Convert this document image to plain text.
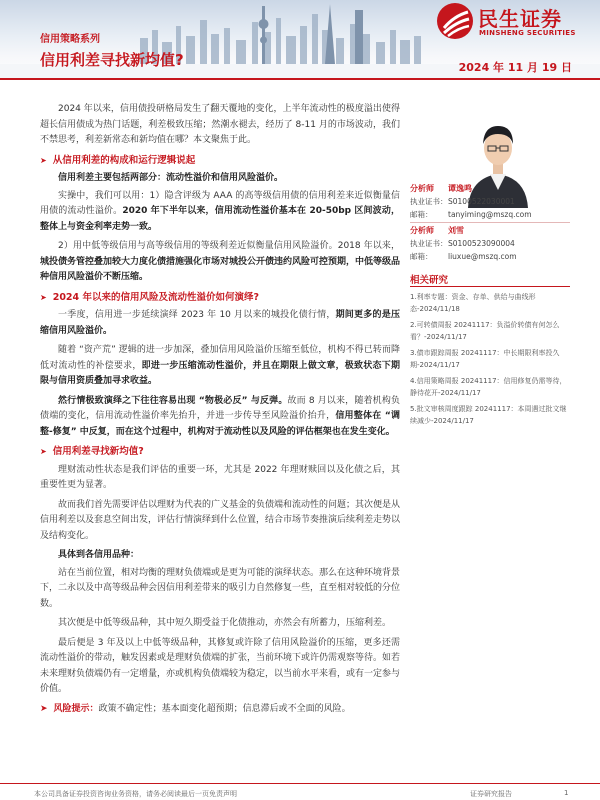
信用策略系列
信用利差寻找新均值?	2024 年 11 月 19 日
民生证券
MINSHENG SECURITIES

2024 年以来，信用债投研格局发生了翻天覆地的变化，上半年流动性的极度溢出使得超长信用债成为热门话题，利差极致压缩；然潮水褪去，经历了 8-11 月的市场波动，我们不禁思考，利差新常态和新均值在哪？本文聚焦于此。

➤ 从信用利差的构成和运行逻辑说起

信用利差主要包括两部分：流动性溢价和信用风险溢价。

实操中，我们可以用：1）隐含评级为 AAA 的高等级信用债的信用利差来近似衡量信用债的流动性溢价。2020 年下半年以来，信用流动性溢价基本在 20-50bp 区间波动，整体上与资金利率走势一致。

2）用中低等级信用与高等级信用的等级利差近似衡量信用风险溢价。2018 年以来，城投债务管控叠加较大力度化债措施强化市场对城投公开债违约风险可控预期，中低等级品种信用风险溢价不断压缩。

➤ 2024 年以来的信用风险及流动性溢价如何演绎?

一季度，信用进一步延续演绎 2023 年 10 月以来的城投化债行情，期间更多的是压缩信用风险溢价。

随着 “资产荒” 逻辑的进一步加深，叠加信用风险溢价压缩至低位，机构不得已转而降低对流动性的补偿要求，即进一步压缩流动性溢价，并且在期限上做文章，极致状态下期限与信用资质叠加寻求收益。

然行情极致演绎之下往往容易出现 “物极必反” 与反弹。故而 8 月以来，随着机构负债端的变化，信用流动性溢价率先抬升，并进一步传导至风险溢价抬升，信用整体在 “调整-修复” 中反复，而在这个过程中，机构对于流动性以及风险的评估框架也在发生变化。

➤ 信用利差寻找新均值?

理财流动性状态是我们评估的重要一环，尤其是 2022 年理财赎回以及化债之后，其重要性更为显著。

故而我们首先需要评估以理财为代表的广义基金的负债端和流动性的问题；其次便是从信用利差以及套息空间出发，评估行情演绎到什么位置，结合市场节奏推演后续利差走势以及结构变化。

具体到各信用品种：

站在当前位置，相对均衡的理财负债端或是更为可能的演绎状态。那么在这种环境背景下，二永以及中高等级品种会因信用利差带来的吸引力自然修复一些，直至相对较低的分位数。

其次便是中低等级品种，其中短久期受益于化债推动，亦然会有所蓄力，压缩利差。

最后便是 3 年及以上中低等级品种，其修复或许除了信用风险溢价的压缩，更多还需流动性溢价的带动，触发因素或是理财负债端的扩张，当前环境下或许仍需观察等待。如若未来理财负债端仍有一定增量，亦或机构负债端较为稳定，以当前水平来看，或有一定参与价值。

➤ 风险提示：政策不确定性；基本面变化超预期；信息滞后或不全面的风险。

分析师	谭逸鸣
执业证书： S0100522030001
邮箱：	tanyiming@mszq.com
分析师	刘雪
执业证书： S0100523090004
邮箱：	liuxue@mszq.com
相关研究
1.利率专题：资金、存单、供给与曲线形态-2024/11/18
2.可转债周报 20241117：负溢价转债有何怎么看？-2024/11/17
3.债市跟踪周报 20241117：中长期限利率投久期-2024/11/17
4.信用策略周报 20241117：信用修复仍需等待，静待花开-2024/11/17
5.批文审核周度跟踪 20241117：本周遇过批文继续减少-2024/11/17
本公司具备证券投资咨询业务资格，请务必阅读最后一页免责声明	证券研究报告	1
